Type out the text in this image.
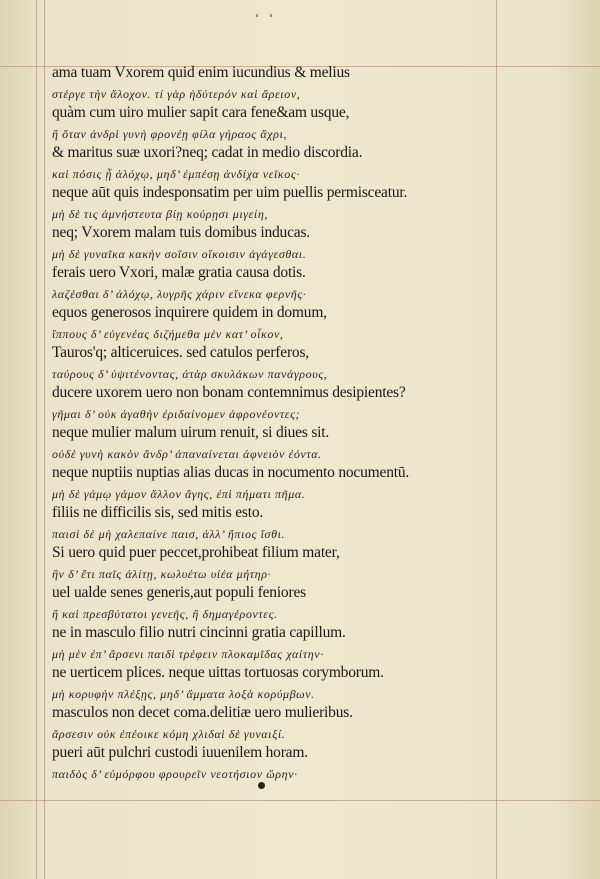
ama tuam Vxorem quid enim iucundius & melius
στέργε τὴν ἄλοχον. τί γὰρ ἡδύτερόν καὶ ἄρειον,
quàm cum uiro mulier sapit cara fene&am usque,
ἢ ὅταν ἀνδρὶ γυνὴ φρονέῃ φίλα γήραος ἄχρι,
& maritus suæ uxori?neq; cadat in medio discordia.
καὶ πόσις ᾗ ἀλόχῳ, μηδ’ ἐμπέσῃ ἀνδίχα νεῖκος·
neque aūt quis indesponsatim per uim puellis permisceatur.
μὴ δὲ τις ἀμνήστευτα βίῃ κούρῃσι μιγείη,
neq; Vxorem malam tuis domibus inducas.
μὴ δὲ γυναῖκα κακὴν σοῖσιν οἴκοισιν ἀγάγεσθαι.
ferais uero Vxori, malæ gratia causa dotis.
λαζέσθαι δ’ ἀλόχῳ, λυγρῆς χάριν εἵνεκα φερνῆς·
equos generosos inquirere quidem in domum,
ἵππους δ’ εὐγενέας διζήμεθα μὲν κατ’ οἶκον,
Tauros'q; alticeruices. sed catulos perferos,
ταύρους δ’ ὑψιτένοντας, ἀτὰρ σκυλάκων πανάγρους,
ducere uxorem uero non bonam contemnimus desipientes?
γῆμαι δ’ οὐκ ἀγαθὴν ἐριδαίνομεν ἀφρονέοντες;
neque mulier malum uirum renuit, si diues sit.
οὐδὲ γυνὴ κακὸν ἄνδρ’ ἀπαναίνεται ἀφνειὸν ἐόντα.
neque nuptiis nuptias alias ducas in nocumento nocumentū.
μὴ δὲ γάμῳ γάμον ἄλλον ἄγης, ἐπὶ πήματι πῆμα.
filiis ne difficilis sis, sed mitis esto.
παισὶ δὲ μὴ χαλεπαίνε παισ, ἀλλ’ ἤπιος ἴσθι.
Si uero quid puer peccet,prohibeat filium mater,
ἢν δ’ ἔτι παῖς ἀλίτῃ, κωλυέτω υἱέα μήτηρ·
uel ualde senes generis,aut populi feniores
ἢ καὶ πρεσβύτατοι γενεῆς, ἢ δημαγέροντες.
ne in masculo filio nutri cincinni gratia capillum.
μὴ μὲν ἐπ’ ἄρσενι παιδὶ τρέφειν πλοκαμῖδας χαίτην·
ne uerticem plices. neque uittas tortuosas corymborum.
μὴ κορυφὴν πλέξῃς, μηδ’ ἄμματα λοξὰ κορύμβων.
masculos non decet coma.delitiæ uero mulieribus.
ἄρσεσιν οὐκ ἐπέοικε κόμη χλιδαὶ δὲ γυναιξί.
pueri aūt pulchri custodi iuuenilem horam.
παιδὸς δ’ εὐμόρφου φρουρεῖν νεοτήσιον ὥρην·
